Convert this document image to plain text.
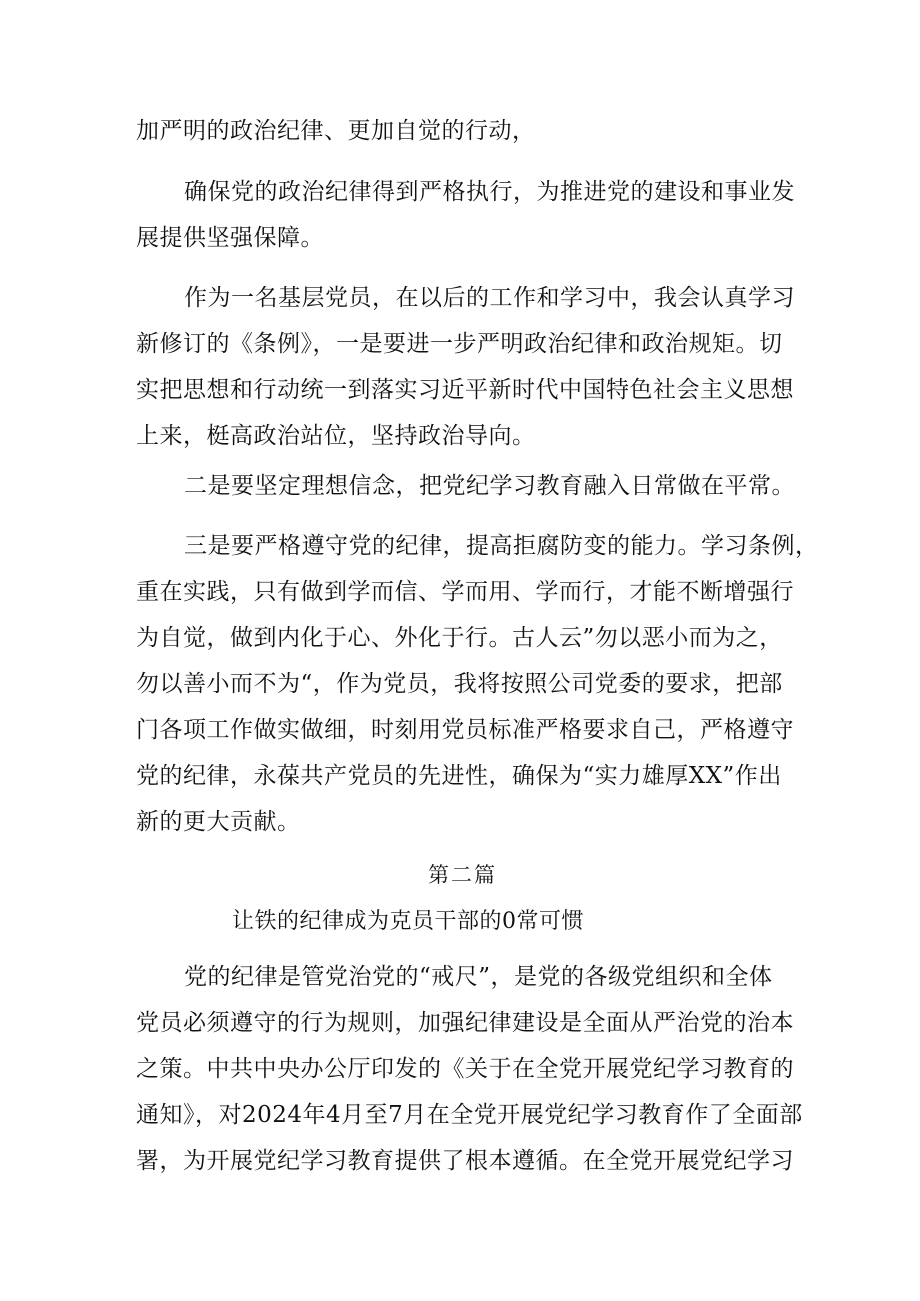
加严明的政治纪律、更加自觉的行动，
确保党的政治纪律得到严格执行，为推进党的建设和事业发
展提供坚强保障。
作为一名基层党员，在以后的工作和学习中，我会认真学习
新修订的《条例》，一是要进一步严明政治纪律和政治规矩。切
实把思想和行动统一到落实习近平新时代中国特色社会主义思想
上来，梃高政治站位，坚持政治导向。
二是要坚定理想信念，把党纪学习教育融入日常做在平常。
三是要严格遵守党的纪律，提高拒腐防变的能力。学习条例，
重在实践，只有做到学而信、学而用、学而行，才能不断增强行
为自觉，做到内化于心、外化于行。古人云”勿以恶小而为之，
勿以善小而不为“，作为党员，我将按照公司党委的要求，把部
门各项工作做实做细，时刻用党员标准严格要求自己，严格遵守
党的纪律，永葆共产党员的先进性，确保为“实力雄厚XX”作出
新的更大贡献。
第二篇
让铁的纪律成为克员干部的0常可惯
党的纪律是管党治党的“戒尺”，是党的各级党组织和全体
党员必须遵守的行为规则，加强纪律建设是全面从严治党的治本
之策。中共中央办公厅印发的《关于在全党开展党纪学习教育的
通知》，对2024年4月至7月在全党开展党纪学习教育作了全面部
署，为开展党纪学习教育提供了根本遵循。在全党开展党纪学习
